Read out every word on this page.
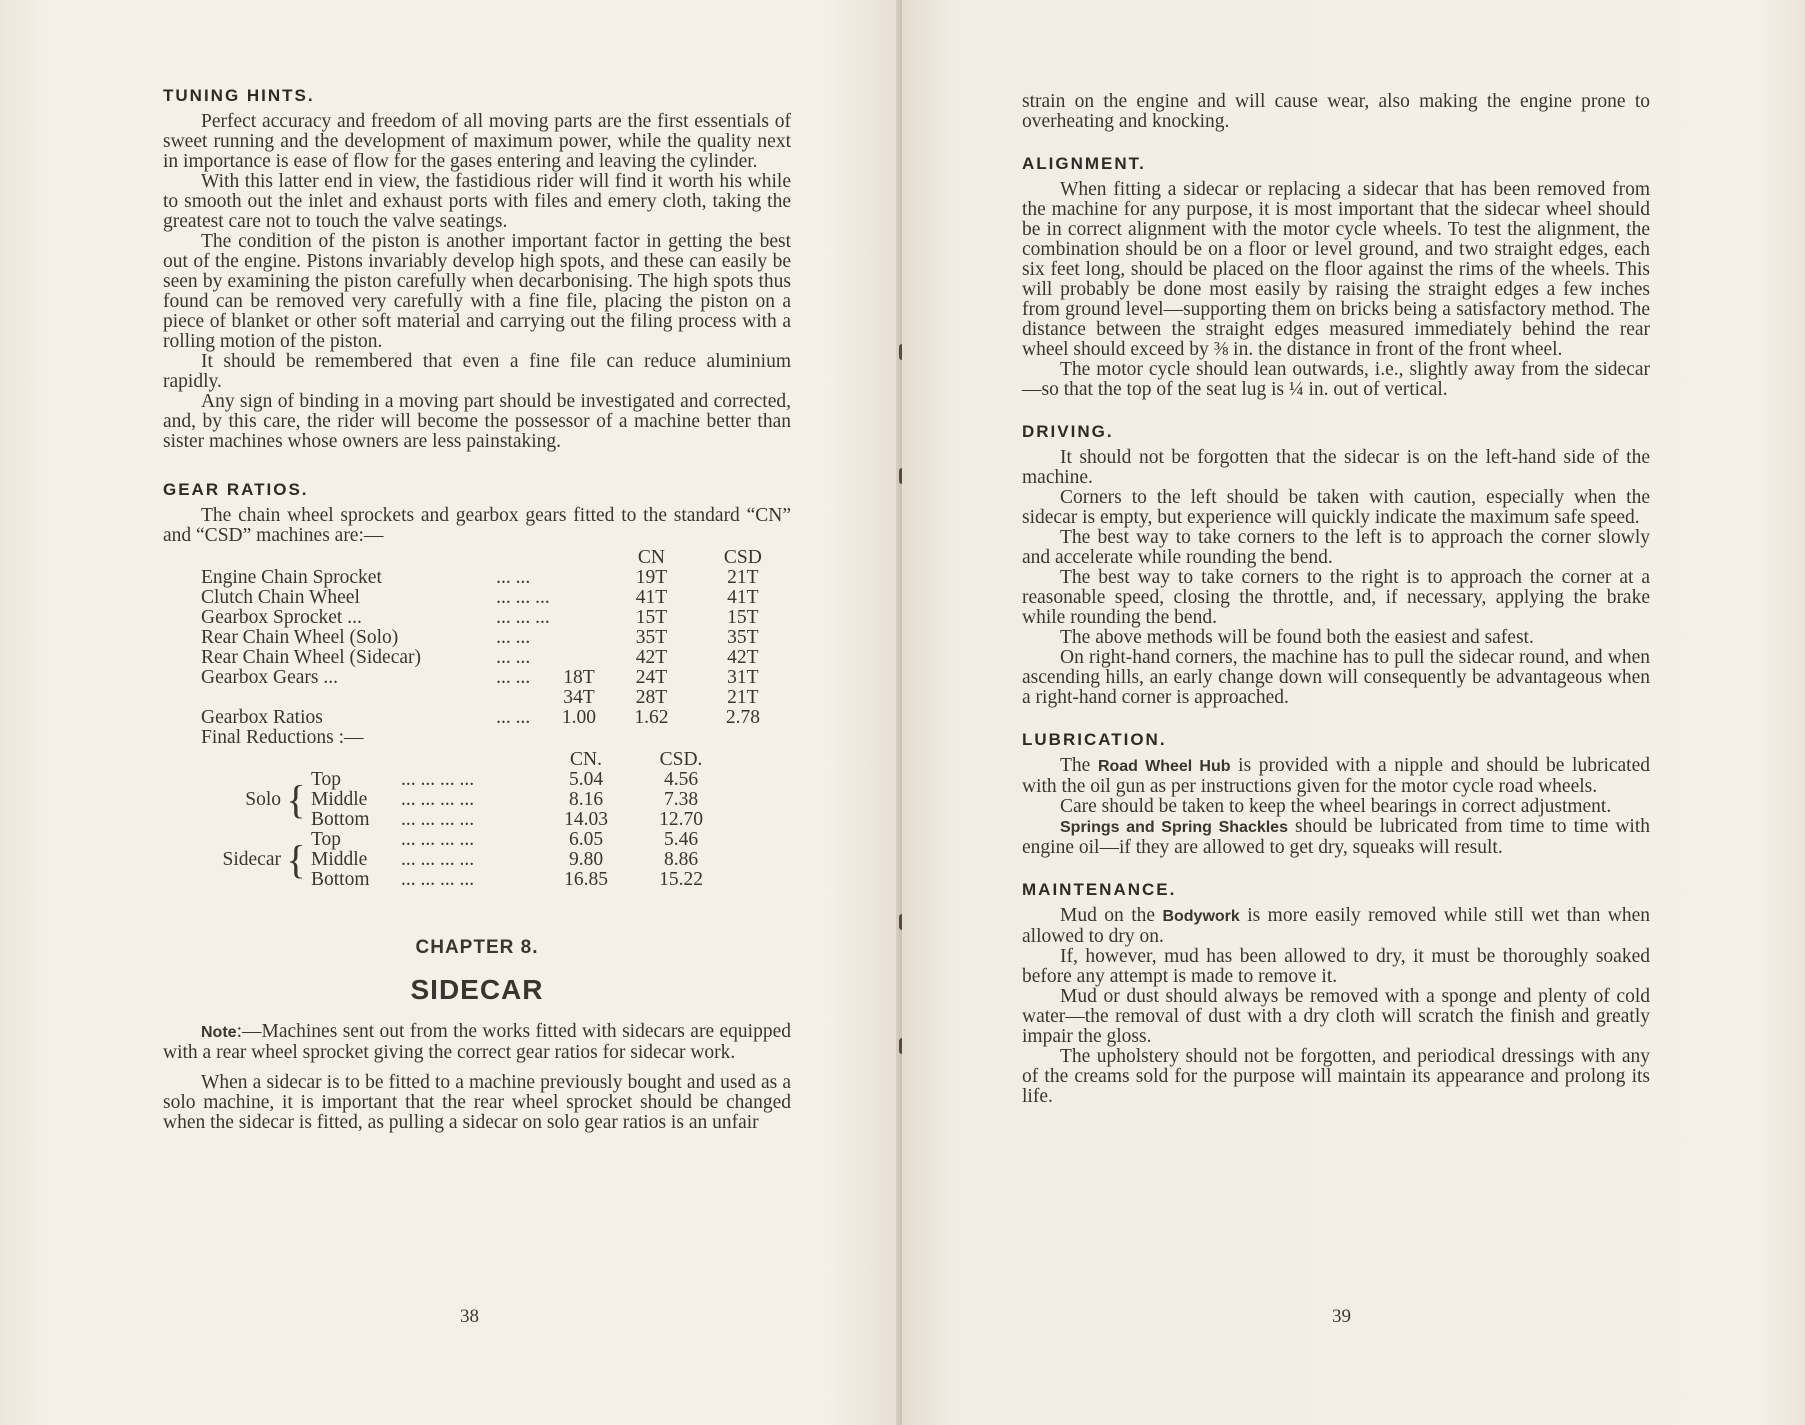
TUNING HINTS.

Perfect accuracy and freedom of all moving parts are the first essentials of sweet running and the development of maximum power, while the quality next in importance is ease of flow for the gases entering and leaving the cylinder.

With this latter end in view, the fastidious rider will find it worth his while to smooth out the inlet and exhaust ports with files and emery cloth, taking the greatest care not to touch the valve seatings.

The condition of the piston is another important factor in getting the best out of the engine. Pistons invariably develop high spots, and these can easily be seen by examining the piston carefully when decarbonising. The high spots thus found can be removed very carefully with a fine file, placing the piston on a piece of blanket or other soft material and carrying out the filing process with a rolling motion of the piston.

It should be remembered that even a fine file can reduce aluminium rapidly.

Any sign of binding in a moving part should be investigated and corrected, and, by this care, the rider will become the possessor of a machine better than sister machines whose owners are less painstaking.

GEAR RATIOS.

The chain wheel sprockets and gearbox gears fitted to the standard “CN” and “CSD” machines are:—

			CN	CSD
Engine Chain Sprocket	... ...		19T	21T
Clutch Chain Wheel	... ... ...		41T	41T
Gearbox Sprocket ...	... ... ...		15T	15T
Rear Chain Wheel (Solo)	... ...		35T	35T
Rear Chain Wheel (Sidecar)	... ...		42T	42T
Gearbox Gears ...	... ...	18T	24T	31T
		34T	28T	21T
Gearbox Ratios	... ...	1.00	1.62	2.78
Final Reductions :—				
				CN.	CSD.
Solo	{	Top	... ... ... ...	5.04	4.56
		Middle	... ... ... ...	8.16	7.38
		Bottom	... ... ... ...	14.03	12.70
Sidecar	{	Top	... ... ... ...	6.05	5.46
		Middle	... ... ... ...	9.80	8.86
		Bottom	... ... ... ...	16.85	15.22
CHAPTER 8.
SIDECAR

Note:—Machines sent out from the works fitted with sidecars are equipped with a rear wheel sprocket giving the correct gear ratios for sidecar work.

When a sidecar is to be fitted to a machine previously bought and used as a solo machine, it is important that the rear wheel sprocket should be changed when the sidecar is fitted, as pulling a sidecar on solo gear ratios is an unfair

38

strain on the engine and will cause wear, also making the engine prone to overheating and knocking.

ALIGNMENT.

When fitting a sidecar or replacing a sidecar that has been removed from the machine for any purpose, it is most important that the sidecar wheel should be in correct alignment with the motor cycle wheels. To test the alignment, the combination should be on a floor or level ground, and two straight edges, each six feet long, should be placed on the floor against the rims of the wheels. This will probably be done most easily by raising the straight edges a few inches from ground level—supporting them on bricks being a satisfactory method. The distance between the straight edges measured immediately behind the rear wheel should exceed by ⅜ in. the distance in front of the front wheel.

The motor cycle should lean outwards, i.e., slightly away from the sidecar—so that the top of the seat lug is ¼ in. out of vertical.

DRIVING.

It should not be forgotten that the sidecar is on the left-hand side of the machine.

Corners to the left should be taken with caution, especially when the sidecar is empty, but experience will quickly indicate the maximum safe speed.

The best way to take corners to the left is to approach the corner slowly and accelerate while rounding the bend.

The best way to take corners to the right is to approach the corner at a reasonable speed, closing the throttle, and, if necessary, applying the brake while rounding the bend.

The above methods will be found both the easiest and safest.

On right-hand corners, the machine has to pull the sidecar round, and when ascending hills, an early change down will consequently be advantageous when a right-hand corner is approached.

LUBRICATION.

The Road Wheel Hub is provided with a nipple and should be lubricated with the oil gun as per instructions given for the motor cycle road wheels.

Care should be taken to keep the wheel bearings in correct adjustment.

Springs and Spring Shackles should be lubricated from time to time with engine oil—if they are allowed to get dry, squeaks will result.

MAINTENANCE.

Mud on the Bodywork is more easily removed while still wet than when allowed to dry on.

If, however, mud has been allowed to dry, it must be thoroughly soaked before any attempt is made to remove it.

Mud or dust should always be removed with a sponge and plenty of cold water—the removal of dust with a dry cloth will scratch the finish and greatly impair the gloss.

The upholstery should not be forgotten, and periodical dressings with any of the creams sold for the purpose will maintain its appearance and prolong its life.

39
